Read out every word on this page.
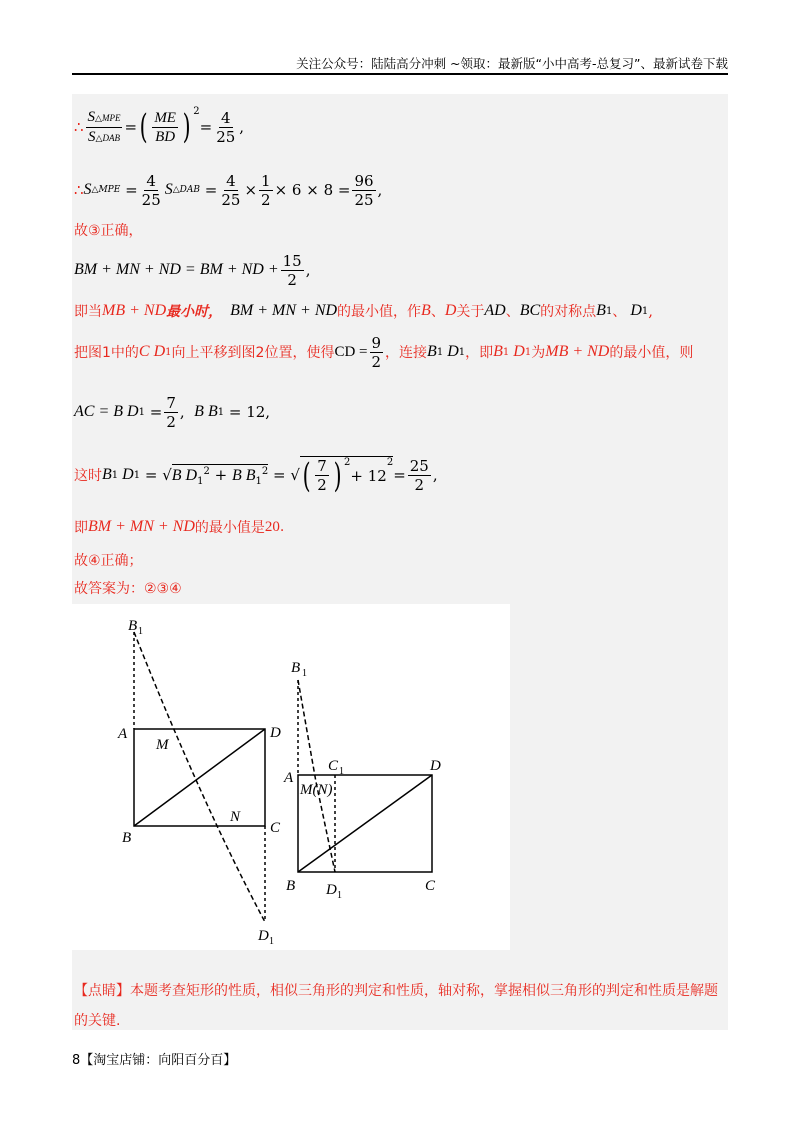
关注公众号：陆陆高分冲刺 ~领取：最新版“小中高考-总复习”、最新试卷下载
∴ $\frac{\text{S△MPE}}{\text{S△DAB}}$ = ( $\frac{ME}{BD}$ ) $^2$
= $\frac{4}{25}$ ,
∴ S △MPE = $\frac{4}{25}$ S △DAB = $\frac{4}{25} \times \frac{1}{2} \times 6 \times 8 = \frac{96}{25}$ ,
故③正确，
BM + MN + ND = BM + ND + $\frac{15}{2}$ ,
即当 MB + ND 最小时， BM + MN + ND 的最小值，作 B 、 D 关于 AD 、 BC 的对称点 B 1 、 D 1 ,
把图1中的 C D 1 向上平移到图2位置，使得 CD = $\frac{9}{2}$ ，连接 B 1 D 1 ，即 B 1 D 1 为 MB + ND 的最小值，则
AC = B D 1
= $\frac{7}{2}$ , B B 1
= 12,
这时 B 1 D 1 = √ B $D_1^2 + B$ $B_1^2$ = √ ( $\frac{7}{2}$ ) $^2$
+ 12
$^2$
= $\frac{25}{2}$ ,
即 BM + MN + ND 的最小值是 20 .
故④正确；
故答案为：②③④
B 1
A
M
D
B
N
C
D 1
B 1
A
C 1	D
M(N)
B D 1
C
【点睛】本题考查矩形的性质，相似三角形的判定和性质，轴对称，掌握相似三角形的判定和性质是解题的关键.
8【淘宝店铺：向阳百分百】
